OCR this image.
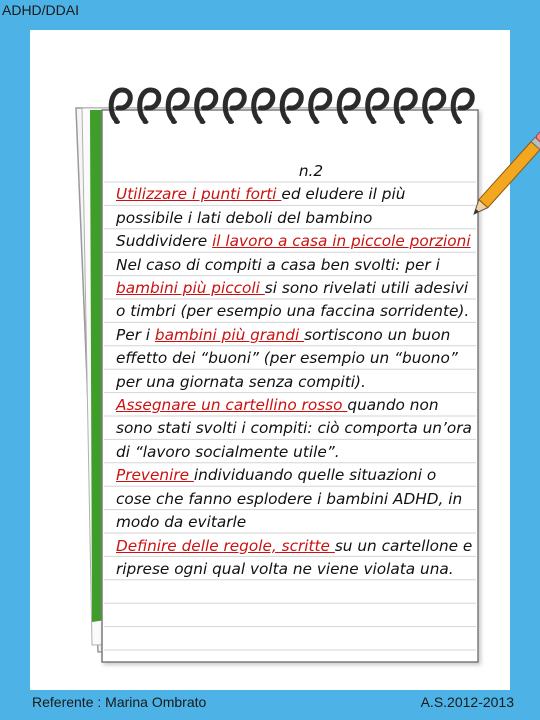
ADHD/DDAI

n.2

Utilizzare i punti forti ed eludere il più possibile i lati deboli del bambino

Suddividere il lavoro a casa in piccole porzioni

Nel caso di compiti a casa ben svolti: per i bambini più piccoli si sono rivelati utili adesivi o timbri (per esempio una faccina sorridente).

Per i bambini più grandi sortiscono un buon effetto dei “buoni” (per esempio un “buono” per una giornata senza compiti).

Assegnare un cartellino rosso quando non sono stati svolti i compiti: ciò comporta un’ora di “lavoro socialmente utile”.

Prevenire individuando quelle situazioni o cose che fanno esplodere i bambini ADHD, in modo da evitarle

Definire delle regole, scritte su un cartellone e riprese ogni qual volta ne viene violata una.

Referente : Marina Ombrato	A.S.2012-2013
